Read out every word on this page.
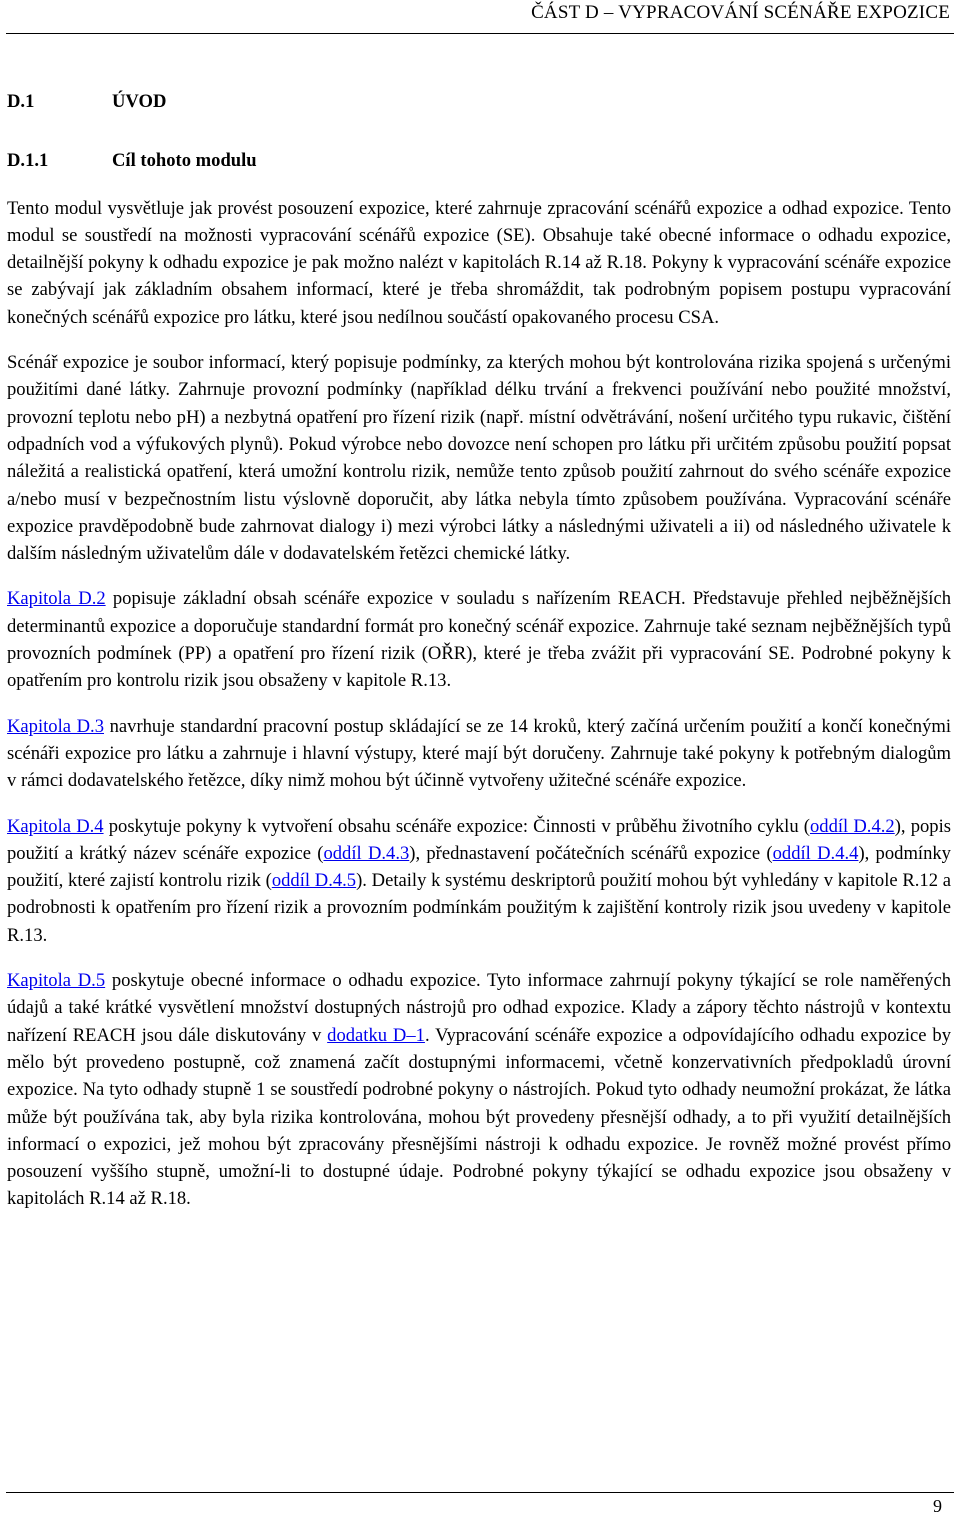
ČÁST D – VYPRACOVÁNÍ SCÉNÁŘE EXPOZICE
D.1	ÚVOD
D.1.1	Cíl tohoto modulu

Tento modul vysvětluje jak provést posouzení expozice, které zahrnuje zpracování scénářů expozice a odhad expozice. Tento modul se soustředí na možnosti vypracování scénářů expozice (SE). Obsahuje také obecné informace o odhadu expozice, detailnější pokyny k odhadu expozice je pak možno nalézt v kapitolách R.14 až R.18. Pokyny k vypracování scénáře expozice se zabývají jak základním obsahem informací, které je třeba shromáždit, tak podrobným popisem postupu vypracování konečných scénářů expozice pro látku, které jsou nedílnou součástí opakovaného procesu CSA.

Scénář expozice je soubor informací, který popisuje podmínky, za kterých mohou být kontrolována rizika spojená s určenými použitími dané látky. Zahrnuje provozní podmínky (například délku trvání a frekvenci používání nebo použité množství, provozní teplotu nebo pH) a nezbytná opatření pro řízení rizik (např. místní odvětrávání, nošení určitého typu rukavic, čištění odpadních vod a výfukových plynů). Pokud výrobce nebo dovozce není schopen pro látku při určitém způsobu použití popsat náležitá a realistická opatření, která umožní kontrolu rizik, nemůže tento způsob použití zahrnout do svého scénáře expozice a/nebo musí v bezpečnostním listu výslovně doporučit, aby látka nebyla tímto způsobem používána. Vypracování scénáře expozice pravděpodobně bude zahrnovat dialogy i) mezi výrobci látky a následnými uživateli a ii) od následného uživatele k dalším následným uživatelům dále v dodavatelském řetězci chemické látky.

Kapitola D.2 popisuje základní obsah scénáře expozice v souladu s nařízením REACH. Představuje přehled nejběžnějších determinantů expozice a doporučuje standardní formát pro konečný scénář expozice. Zahrnuje také seznam nejběžnějších typů provozních podmínek (PP) a opatření pro řízení rizik (OŘR), které je třeba zvážit při vypracování SE. Podrobné pokyny k opatřením pro kontrolu rizik jsou obsaženy v kapitole R.13.

Kapitola D.3 navrhuje standardní pracovní postup skládající se ze 14 kroků, který začíná určením použití a končí konečnými scénáři expozice pro látku a zahrnuje i hlavní výstupy, které mají být doručeny. Zahrnuje také pokyny k potřebným dialogům v rámci dodavatelského řetězce, díky nimž mohou být účinně vytvořeny užitečné scénáře expozice.

Kapitola D.4 poskytuje pokyny k vytvoření obsahu scénáře expozice: Činnosti v průběhu životního cyklu (oddíl D.4.2), popis použití a krátký název scénáře expozice (oddíl D.4.3), přednastavení počátečních scénářů expozice (oddíl D.4.4), podmínky použití, které zajistí kontrolu rizik (oddíl D.4.5). Detaily k systému deskriptorů použití mohou být vyhledány v kapitole R.12 a podrobnosti k opatřením pro řízení rizik a provozním podmínkám použitým k zajištění kontroly rizik jsou uvedeny v kapitole R.13.

Kapitola D.5 poskytuje obecné informace o odhadu expozice. Tyto informace zahrnují pokyny týkající se role naměřených údajů a také krátké vysvětlení množství dostupných nástrojů pro odhad expozice. Klady a zápory těchto nástrojů v kontextu nařízení REACH jsou dále diskutovány v dodatku D–1. Vypracování scénáře expozice a odpovídajícího odhadu expozice by mělo být provedeno postupně, což znamená začít dostupnými informacemi, včetně konzervativních předpokladů úrovní expozice. Na tyto odhady stupně 1 se soustředí podrobné pokyny o nástrojích. Pokud tyto odhady neumožní prokázat, že látka může být používána tak, aby byla rizika kontrolována, mohou být provedeny přesnější odhady, a to při využití detailnějších informací o expozici, jež mohou být zpracovány přesnějšími nástroji k odhadu expozice. Je rovněž možné provést přímo posouzení vyššího stupně, umožní-li to dostupné údaje. Podrobné pokyny týkající se odhadu expozice jsou obsaženy v kapitolách R.14 až R.18.

9
